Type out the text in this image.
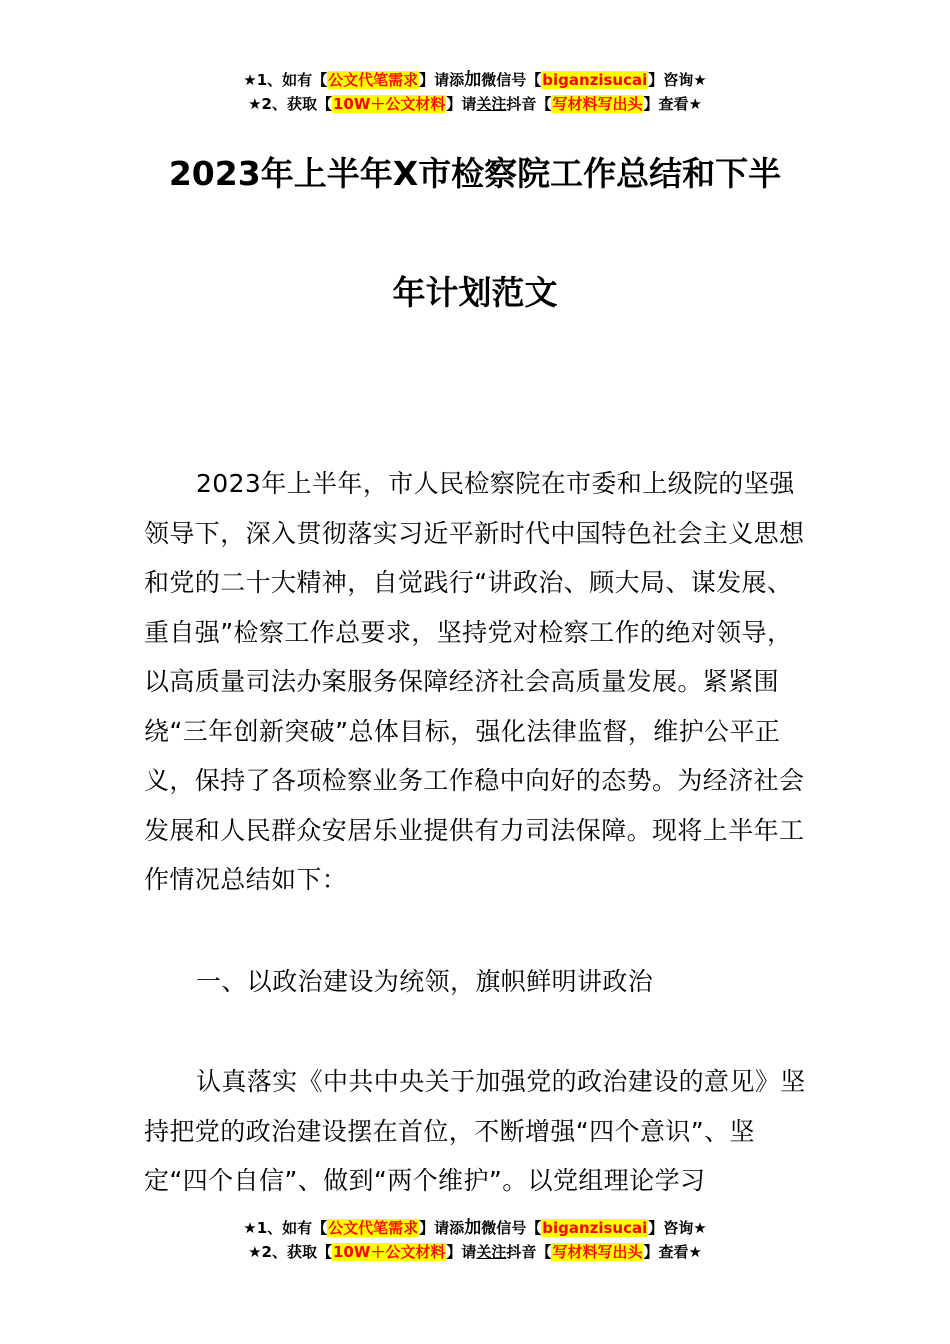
★1、如有【公文代笔需求】请添加微信号【biganzisucai】咨询★
★2、获取【10W＋公文材料】请关注抖音【写材料写出头】查看★
2023年上半年X市检察院工作总结和下半
年计划范文

2023年上半年，市人民检察院在市委和上级院的坚强领导下，深入贯彻落实习近平新时代中国特色社会主义思想和党的二十大精神，自觉践行“讲政治、顾大局、谋发展、重自强”检察工作总要求，坚持党对检察工作的绝对领导，以高质量司法办案服务保障经济社会高质量发展。紧紧围绕“三年创新突破”总体目标，强化法律监督，维护公平正义，保持了各项检察业务工作稳中向好的态势。为经济社会发展和人民群众安居乐业提供有力司法保障。现将上半年工作情况总结如下：

一、以政治建设为统领，旗帜鲜明讲政治

认真落实《中共中央关于加强党的政治建设的意见》坚持把党的政治建设摆在首位，不断增强“四个意识”、坚定“四个自信”、做到“两个维护”。以党组理论学习

★1、如有【公文代笔需求】请添加微信号【biganzisucai】咨询★
★2、获取【10W＋公文材料】请关注抖音【写材料写出头】查看★
